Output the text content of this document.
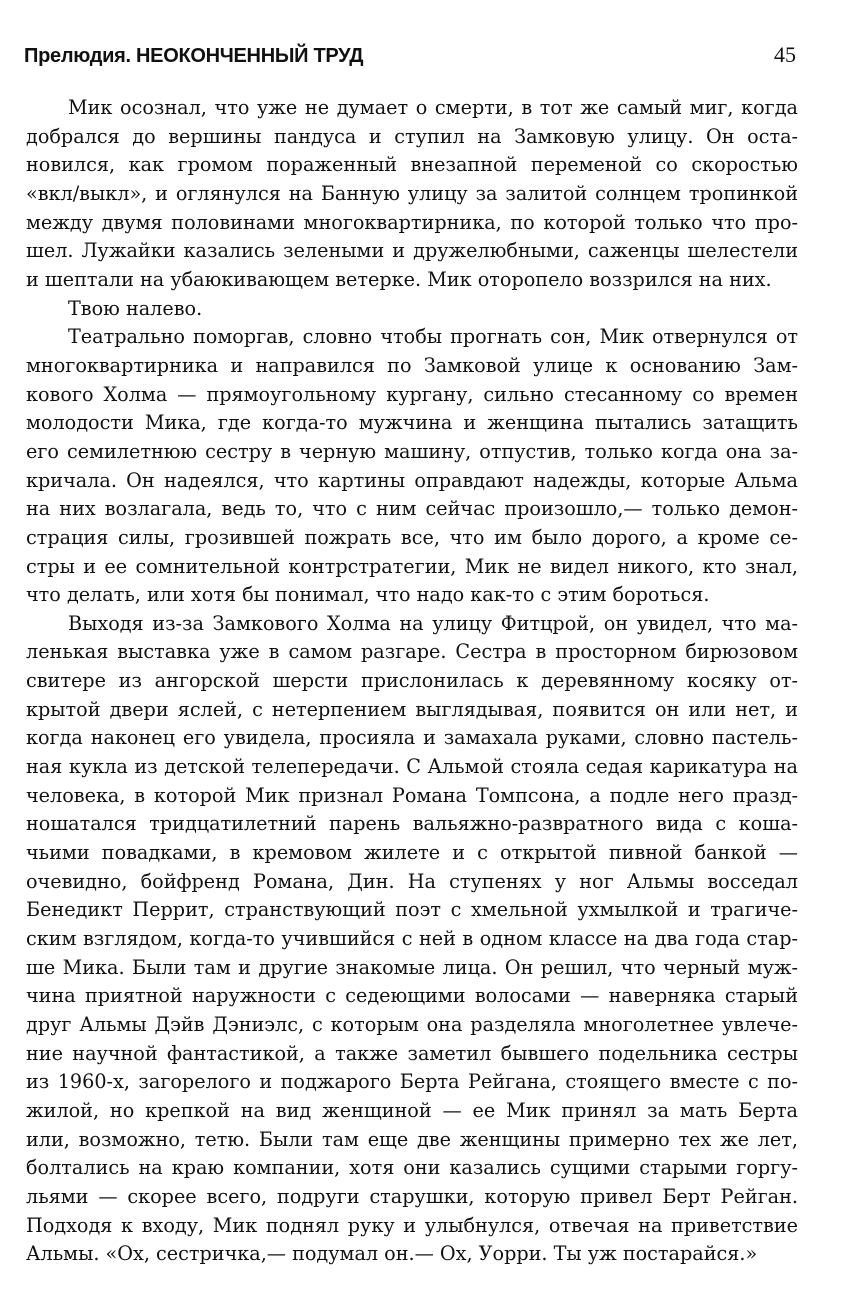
Прелюдия. НЕОКОНЧЕННЫЙ ТРУД	45
Мик осознал, что уже не думает о смерти, в тот же самый миг, когда
добрался до вершины пандуса и ступил на Замковую улицу. Он оста-
новился, как громом пораженный внезапной переменой со скоростью
«вкл/выкл», и оглянулся на Банную улицу за залитой солнцем тропинкой
между двумя половинами многоквартирника, по которой только что про-
шел. Лужайки казались зелеными и дружелюбными, саженцы шелестели
и шептали на убаюкивающем ветерке. Мик оторопело воззрился на них.
Твою налево.
Театрально поморгав, словно чтобы прогнать сон, Мик отвернулся от
многоквартирника и направился по Замковой улице к основанию Зам-
кового Холма — прямоугольному кургану, сильно стесанному со времен
молодости Мика, где когда-то мужчина и женщина пытались затащить
его семилетнюю сестру в черную машину, отпустив, только когда она за-
кричала. Он надеялся, что картины оправдают надежды, которые Альма
на них возлагала, ведь то, что с ним сейчас произошло,— только демон-
страция силы, грозившей пожрать все, что им было дорого, а кроме се-
стры и ее сомнительной контрстратегии, Мик не видел никого, кто знал,
что делать, или хотя бы понимал, что надо как-то с этим бороться.
Выходя из-за Замкового Холма на улицу Фитцрой, он увидел, что ма-
ленькая выставка уже в самом разгаре. Сестра в просторном бирюзовом
свитере из ангорской шерсти прислонилась к деревянному косяку от-
крытой двери яслей, с нетерпением выглядывая, появится он или нет, и
когда наконец его увидела, просияла и замахала руками, словно пастель-
ная кукла из детской телепередачи. С Альмой стояла седая карикатура на
человека, в которой Мик признал Романа Томпсона, а подле него празд-
ношатался тридцатилетний парень вальяжно-развратного вида с коша-
чьими повадками, в кремовом жилете и с открытой пивной банкой —
очевидно, бойфренд Романа, Дин. На ступенях у ног Альмы восседал
Бенедикт Перрит, странствующий поэт с хмельной ухмылкой и трагиче-
ским взглядом, когда-то учившийся с ней в одном классе на два года стар-
ше Мика. Были там и другие знакомые лица. Он решил, что черный муж-
чина приятной наружности с седеющими волосами — наверняка старый
друг Альмы Дэйв Дэниэлс, с которым она разделяла многолетнее увлече-
ние научной фантастикой, а также заметил бывшего подельника сестры
из 1960-х, загорелого и поджарого Берта Рейгана, стоящего вместе с по-
жилой, но крепкой на вид женщиной — ее Мик принял за мать Берта
или, возможно, тетю. Были там еще две женщины примерно тех же лет,
болтались на краю компании, хотя они казались сущими старыми горгу-
льями — скорее всего, подруги старушки, которую привел Берт Рейган.
Подходя к входу, Мик поднял руку и улыбнулся, отвечая на приветствие
Альмы. «Ох, сестричка,— подумал он.— Ох, Уорри. Ты уж постарайся.»
